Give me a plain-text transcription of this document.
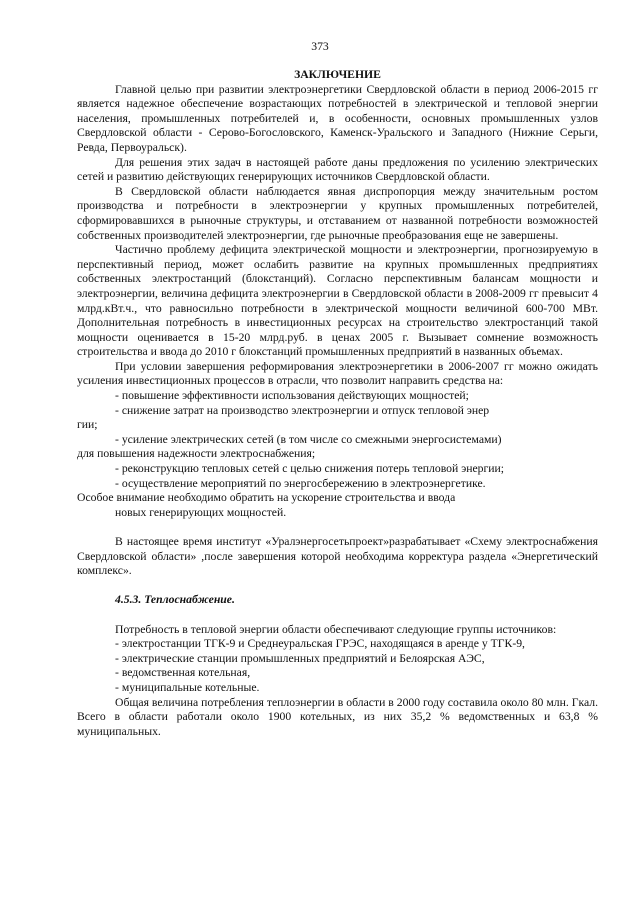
373
ЗАКЛЮЧЕНИЕ

Главной целью при развитии электроэнергетики Свердловской области в период 2006-2015 гг является надежное обеспечение возрастающих потребностей в электрической и тепловой энергии населения, промышленных потребителей и, в особенности, основных промышленных узлов Свердловской области - Серово-Богословского, Каменск-Уральского и Западного (Нижние Серьги, Ревда, Первоуральск).

Для решения этих задач в настоящей работе даны предложения по усилению электрических сетей и развитию действующих генерирующих источников Свердловской области.

В Свердловской области наблюдается явная диспропорция между значительным ростом производства и потребности в электроэнергии у крупных промышленных потребителей, сформировавшихся в рыночные структуры, и отставанием от названной потребности возможностей собственных производителей электроэнергии, где рыночные преобразования еще не завершены.

Частично проблему дефицита электрической мощности и электроэнергии, прогнозируемую в перспективный период, может ослабить развитие на крупных промышленных предприятиях собственных электростанций (блокстанций). Согласно перспективным балансам мощности и электроэнергии, величина дефицита электроэнергии в Свердловской области в 2008-2009 гг превысит 4 млрд.кВт.ч., что равносильно потребности в электрической мощности величиной 600-700 МВт. Дополнительная потребность в инвестиционных ресурсах на строительство электростанций такой мощности оценивается в 15-20 млрд.руб. в ценах 2005 г. Вызывает сомнение возможность строительства и ввода до 2010 г блокстанций промышленных предприятий в названных объемах.

При условии завершения реформирования электроэнергетики в 2006-2007 гг можно ожидать усиления инвестиционных процессов в отрасли, что позволит направить средства на:

- повышение эффективности использования действующих мощностей;

- снижение затрат на производство электроэнергии и отпуск тепловой энер

гии;

- усиление электрических сетей (в том числе со смежными энергосистемами)

для повышения надежности электроснабжения;

- реконструкцию тепловых сетей с целью снижения потерь тепловой энергии;

- осуществление мероприятий по энергосбережению в электроэнергетике.

Особое внимание необходимо обратить на ускорение строительства и ввода

новых генерирующих мощностей.

В настоящее время институт «Уралэнергосетьпроект»разрабатывает «Схему электроснабжения Свердловской области» ,после завершения которой необходима корректура раздела «Энергетический комплекс».

4.5.3. Теплоснабжение.

Потребность в тепловой энергии области обеспечивают следующие группы источников:

- электростанции ТГК-9 и Среднеуральская ГРЭС, находящаяся в аренде у ТГК-9,

- электрические станции промышленных предприятий и Белоярская АЭС,

- ведомственная котельная,

- муниципальные котельные.

Общая величина потребления теплоэнергии в области в 2000 году составила около 80 млн. Гкал. Всего в области работали около 1900 котельных, из них 35,2 % ведомственных и 63,8 % муниципальных.
